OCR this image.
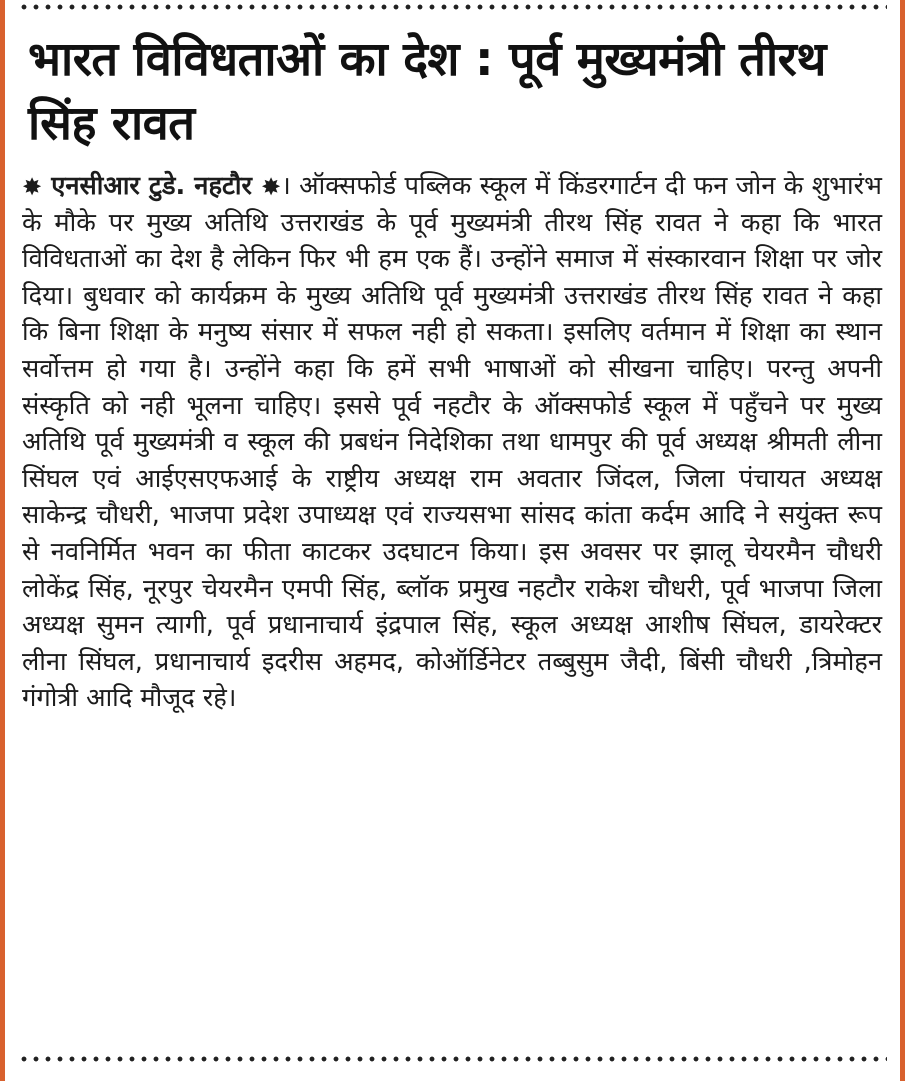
भारत विविधताओं का देश : पूर्व मुख्यमंत्री तीरथ सिंह रावत
✸ एनसीआर टुडे. नहटौर ✸। ऑक्सफोर्ड पब्लिक स्कूल में किंडरगार्टन दी फन जोन के शुभारंभ के मौके पर मुख्य अतिथि उत्तराखंड के पूर्व मुख्यमंत्री तीरथ सिंह रावत ने कहा कि भारत विविधताओं का देश है लेकिन फिर भी हम एक हैं। उन्होंने समाज में संस्कारवान शिक्षा पर जोर दिया। बुधवार को कार्यक्रम के मुख्य अतिथि पूर्व मुख्यमंत्री उत्तराखंड तीरथ सिंह रावत ने कहा कि बिना शिक्षा के मनुष्य संसार में सफल नही हो सकता। इसलिए वर्तमान में शिक्षा का स्थान सर्वोत्तम हो गया है। उन्होंने कहा कि हमें सभी भाषाओं को सीखना चाहिए। परन्तु अपनी संस्कृति को नही भूलना चाहिए। इससे पूर्व नहटौर के ऑक्सफोर्ड स्कूल में पहुँचने पर मुख्य अतिथि पूर्व मुख्यमंत्री व स्कूल की प्रबधंन निदेशिका तथा धामपुर की पूर्व अध्यक्ष श्रीमती लीना सिंघल एवं आईएसएफआई के राष्ट्रीय अध्यक्ष राम अवतार जिंदल, जिला पंचायत अध्यक्ष साकेन्द्र चौधरी, भाजपा प्रदेश उपाध्यक्ष एवं राज्यसभा सांसद कांता कर्दम आदि ने सयुंक्त रूप से नवनिर्मित भवन का फीता काटकर उदघाटन किया। इस अवसर पर झालू चेयरमैन चौधरी लोकेंद्र सिंह, नूरपुर चेयरमैन एमपी सिंह, ब्लॉक प्रमुख नहटौर राकेश चौधरी, पूर्व भाजपा जिला अध्यक्ष सुमन त्यागी, पूर्व प्रधानाचार्य इंद्रपाल सिंह, स्कूल अध्यक्ष आशीष सिंघल, डायरेक्टर लीना सिंघल, प्रधानाचार्य इदरीस अहमद, कोऑर्डिनेटर तब्बुसुम जैदी, बिंसी चौधरी ,त्रिमोहन गंगोत्री आदि मौजूद रहे।
